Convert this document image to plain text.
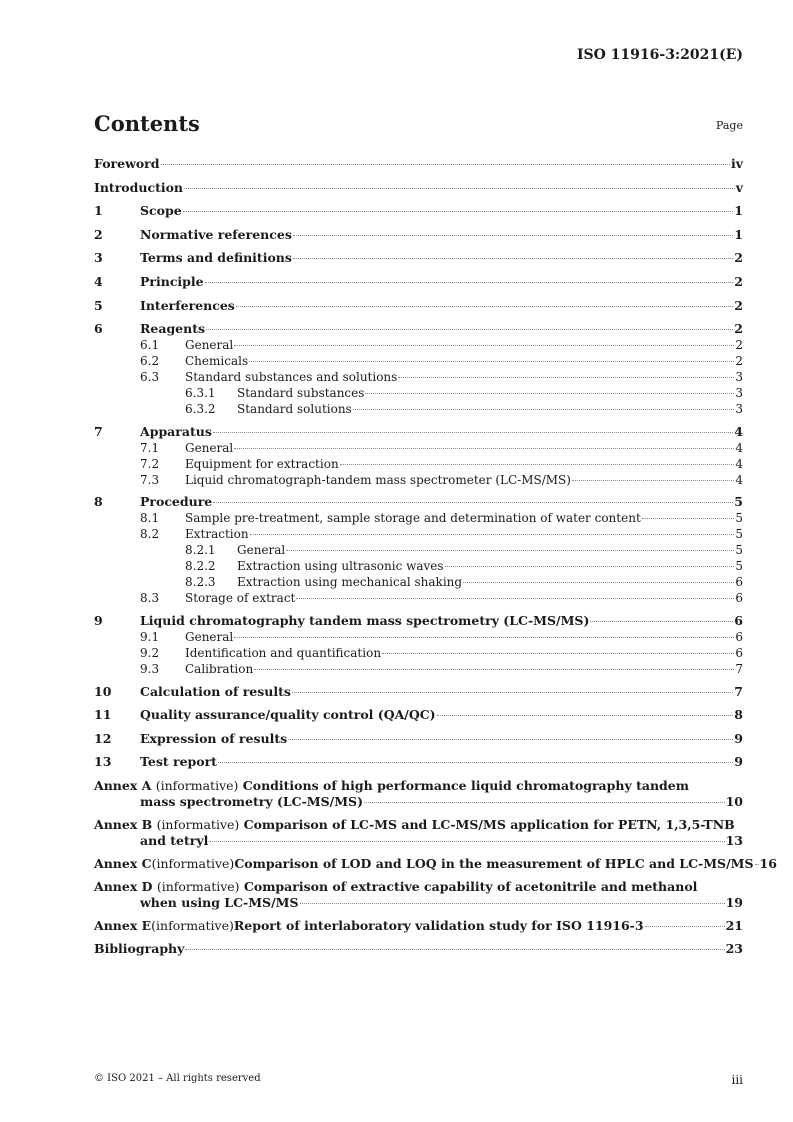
ISO 11916-3:2021(E)
Contents	Page
Foreword	iv
Introduction	v
1	Scope	1
2	Normative references	1
3	Terms and definitions	2
4	Principle	2
5	Interferences	2
6	Reagents	2
6.1	General	2
6.2	Chemicals	2
6.3	Standard substances and solutions	3
6.3.1	Standard substances	3
6.3.2	Standard solutions	3
7	Apparatus	4
7.1	General	4
7.2	Equipment for extraction	4
7.3	Liquid chromatograph-tandem mass spectrometer (LC-MS/MS)	4
8	Procedure	5
8.1	Sample pre-treatment, sample storage and determination of water content	5
8.2	Extraction	5
8.2.1	General	5
8.2.2	Extraction using ultrasonic waves	5
8.2.3	Extraction using mechanical shaking	6
8.3	Storage of extract	6
9	Liquid chromatography tandem mass spectrometry (LC-MS/MS)	6
9.1	General	6
9.2	Identification and quantification	6
9.3	Calibration	7
10	Calculation of results	7
11	Quality assurance/quality control (QA/QC)	8
12	Expression of results	9
13	Test report	9
Annex A (informative) Conditions of high performance liquid chromatography tandem
mass spectrometry (LC-MS/MS)	10
Annex B (informative) Comparison of LC-MS and LC-MS/MS application for PETN, 1,3,5-TNB
and tetryl	13
Annex C (informative) Comparison of LOD and LOQ in the measurement of HPLC and LC-MS/MS 16
Annex D (informative) Comparison of extractive capability of acetonitrile and methanol
when using LC-MS/MS	19
Annex E (informative) Report of interlaboratory validation study for ISO 11916-3	21
Bibliography	23
© ISO 2021 – All rights reserved	iii
